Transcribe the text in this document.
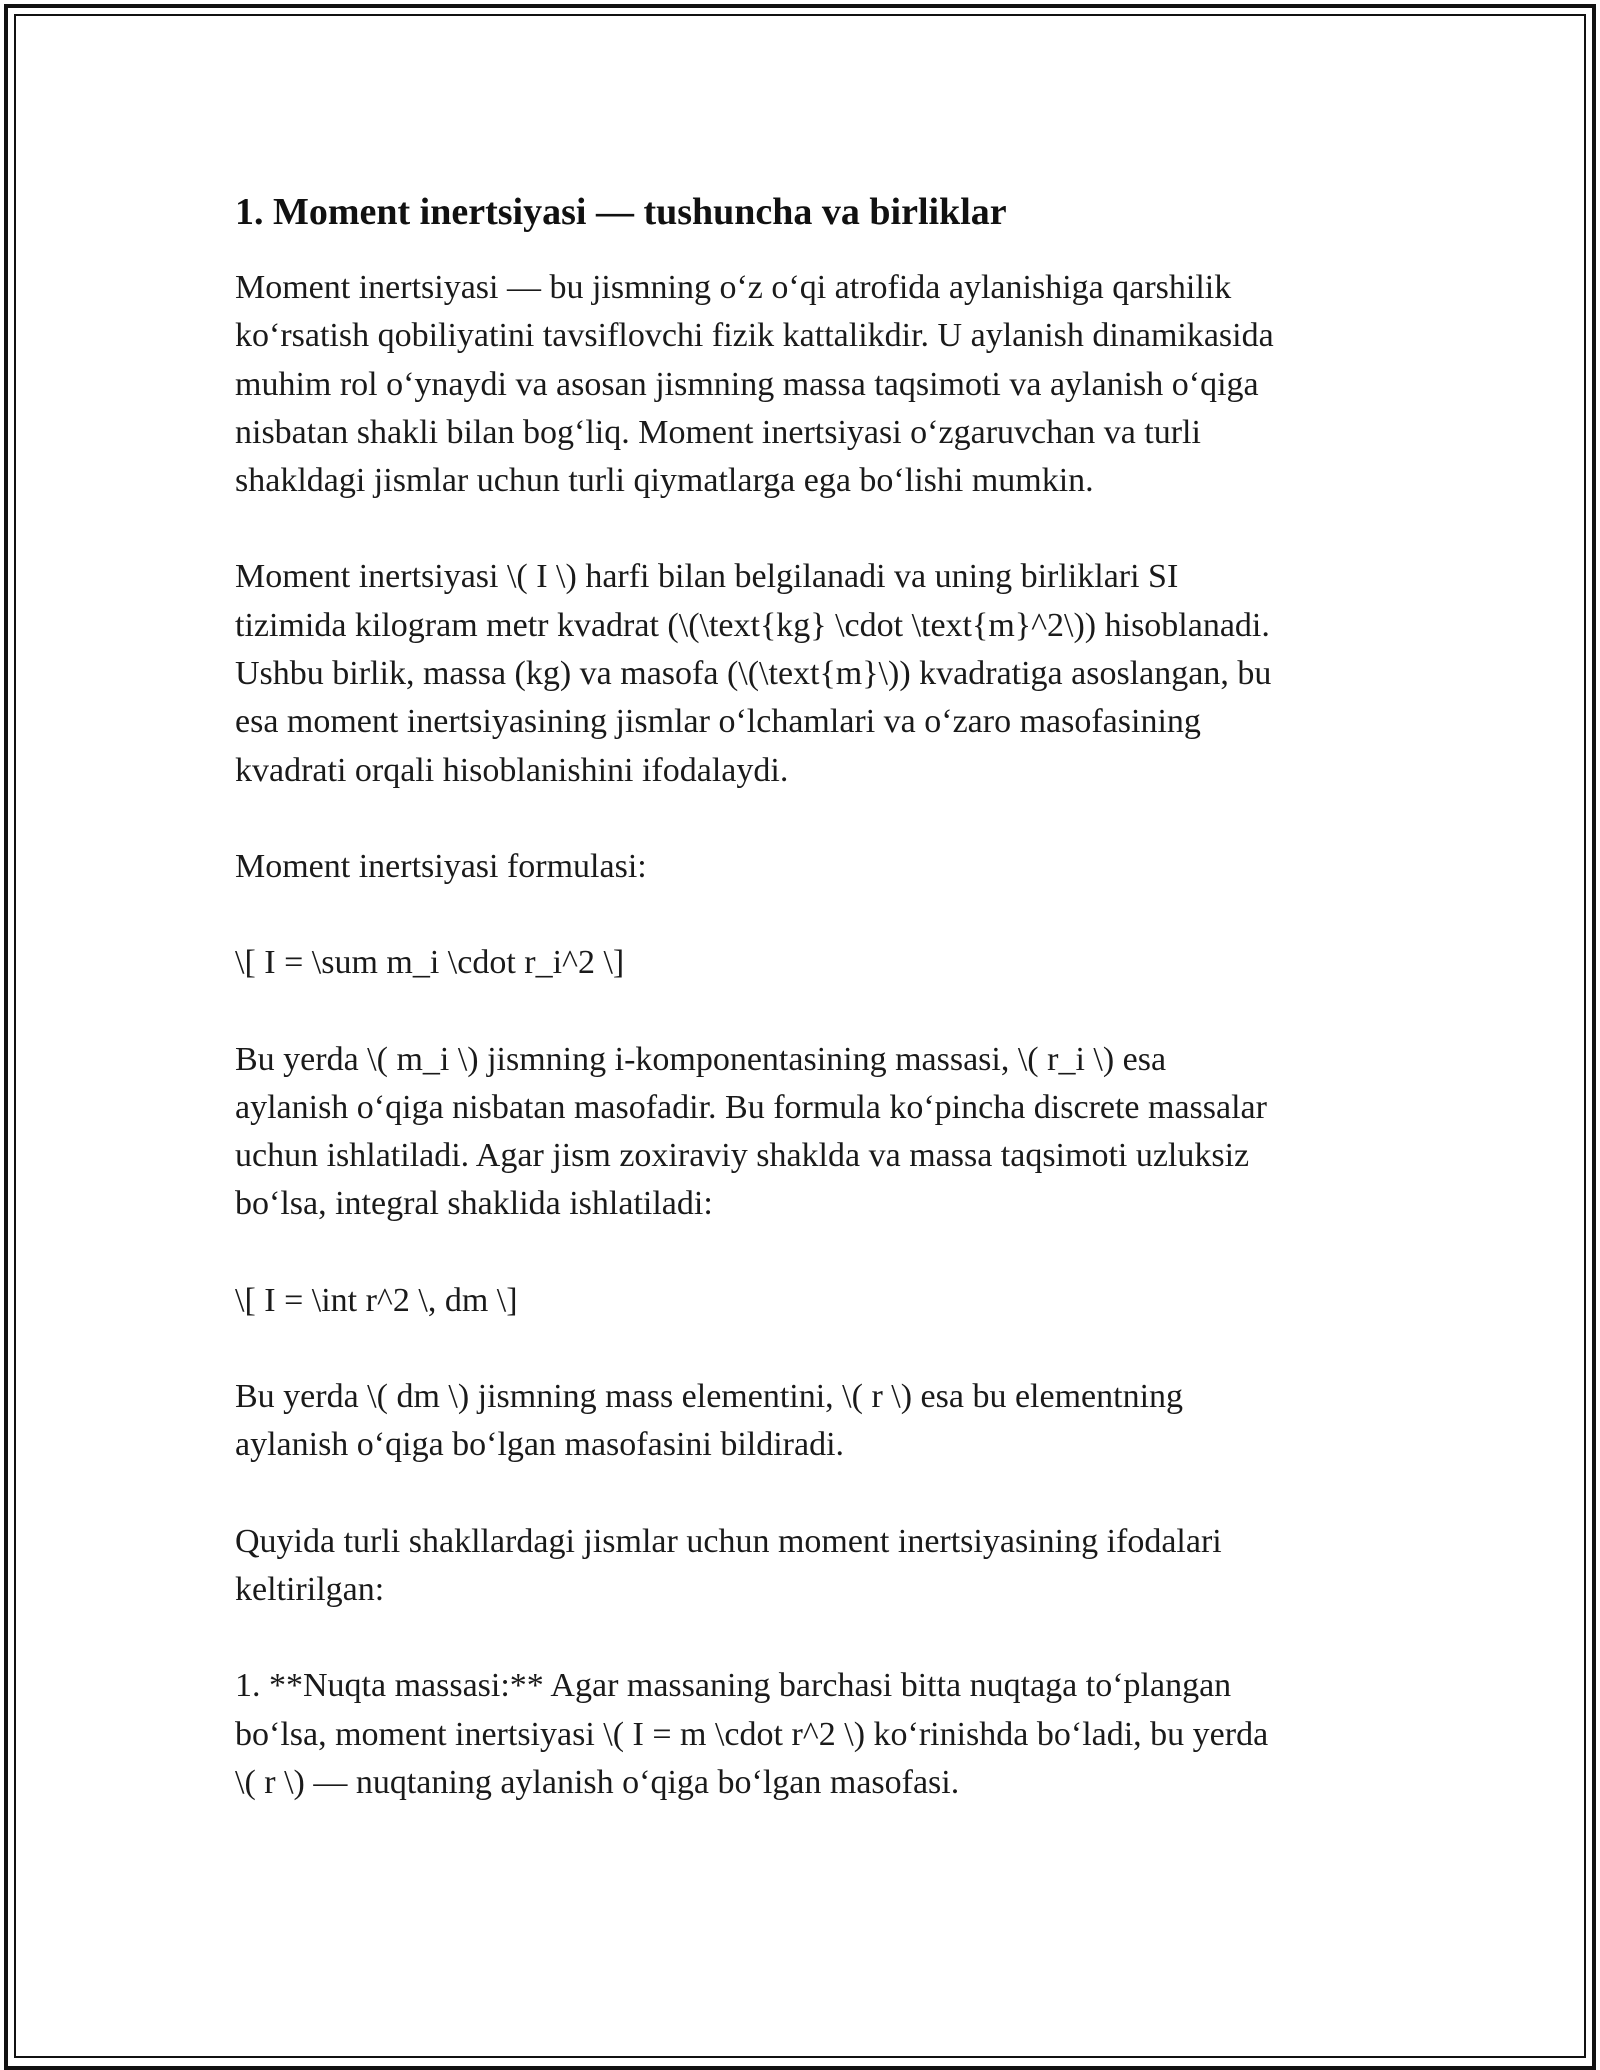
1. Moment inertsiyasi — tushuncha va birliklar

Moment inertsiyasi — bu jismning o‘z o‘qi atrofida aylanishiga qarshilik
ko‘rsatish qobiliyatini tavsiflovchi fizik kattalikdir. U aylanish dinamikasida
muhim rol o‘ynaydi va asosan jismning massa taqsimoti va aylanish o‘qiga
nisbatan shakli bilan bog‘liq. Moment inertsiyasi o‘zgaruvchan va turli
shakldagi jismlar uchun turli qiymatlarga ega bo‘lishi mumkin.

Moment inertsiyasi \( I \) harfi bilan belgilanadi va uning birliklari SI
tizimida kilogram metr kvadrat (\(\text{kg} \cdot \text{m}^2\)) hisoblanadi.
Ushbu birlik, massa (kg) va masofa (\(\text{m}\)) kvadratiga asoslangan, bu
esa moment inertsiyasining jismlar o‘lchamlari va o‘zaro masofasining
kvadrati orqali hisoblanishini ifodalaydi.

Moment inertsiyasi formulasi:

\[ I = \sum m_i \cdot r_i^2 \]

Bu yerda \( m_i \) jismning i-komponentasining massasi, \( r_i \) esa
aylanish o‘qiga nisbatan masofadir. Bu formula ko‘pincha discrete massalar
uchun ishlatiladi. Agar jism zoxiraviy shaklda va massa taqsimoti uzluksiz
bo‘lsa, integral shaklida ishlatiladi:

\[ I = \int r^2 \, dm \]

Bu yerda \( dm \) jismning mass elementini, \( r \) esa bu elementning
aylanish o‘qiga bo‘lgan masofasini bildiradi.

Quyida turli shakllardagi jismlar uchun moment inertsiyasining ifodalari
keltirilgan:

1. **Nuqta massasi:** Agar massaning barchasi bitta nuqtaga to‘plangan
bo‘lsa, moment inertsiyasi \( I = m \cdot r^2 \) ko‘rinishda bo‘ladi, bu yerda
\( r \) — nuqtaning aylanish o‘qiga bo‘lgan masofasi.
